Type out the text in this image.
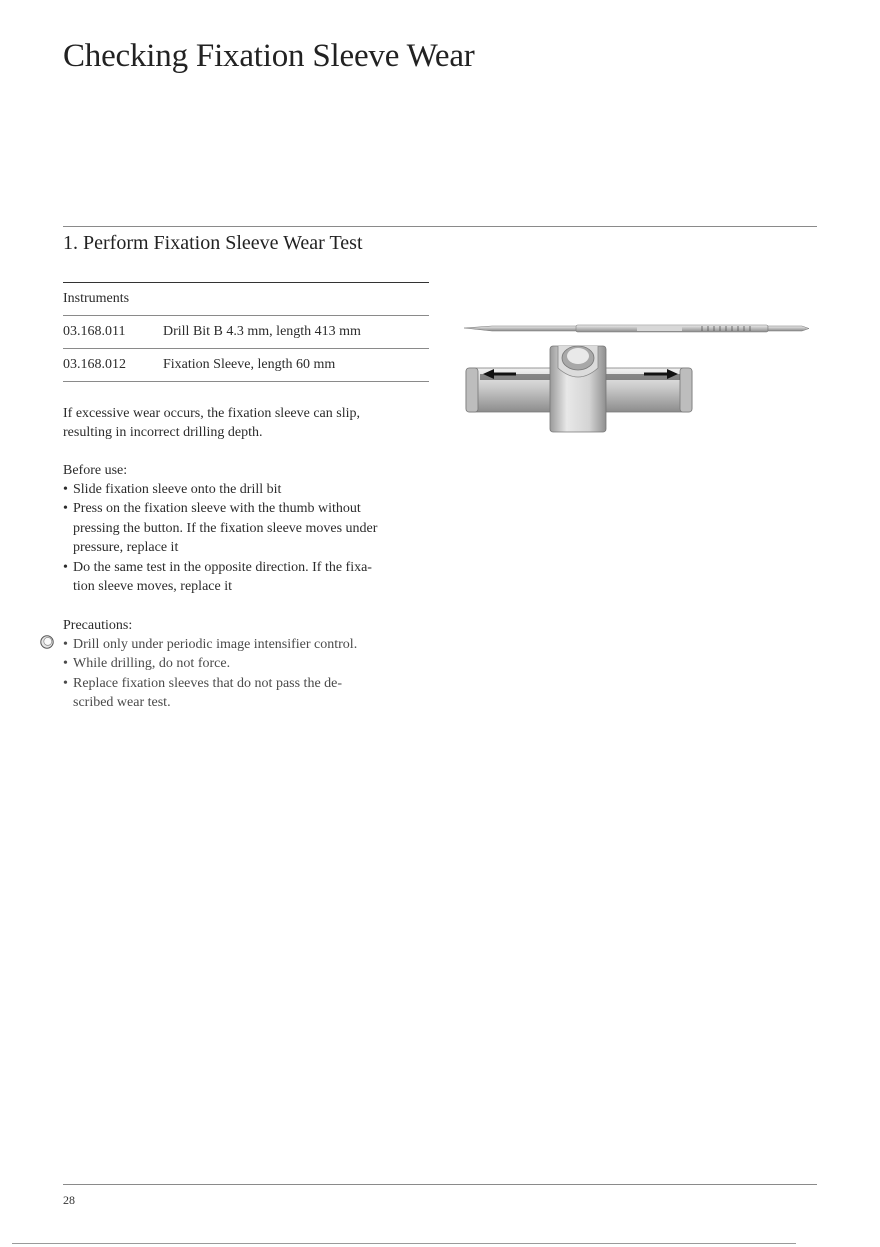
Checking Fixation Sleeve Wear
1. Perform Fixation Sleeve Wear Test
Instruments	
03.168.011	Drill Bit B 4.3 mm, length 413 mm
03.168.012	Fixation Sleeve, length 60 mm

If excessive wear occurs, the fixation sleeve can slip,
resulting in incorrect drilling depth.

Before use:

• Slide fixation sleeve onto the drill bit
• Press on the fixation sleeve with the thumb without
pressing the button. If the fixation sleeve moves under
pressure, replace it
• Do the same test in the opposite direction. If the fixa-
tion sleeve moves, replace it

Precautions:

• Drill only under periodic image intensifier control.
• While drilling, do not force.
• Replace fixation sleeves that do not pass the de-
scribed wear test.
28
